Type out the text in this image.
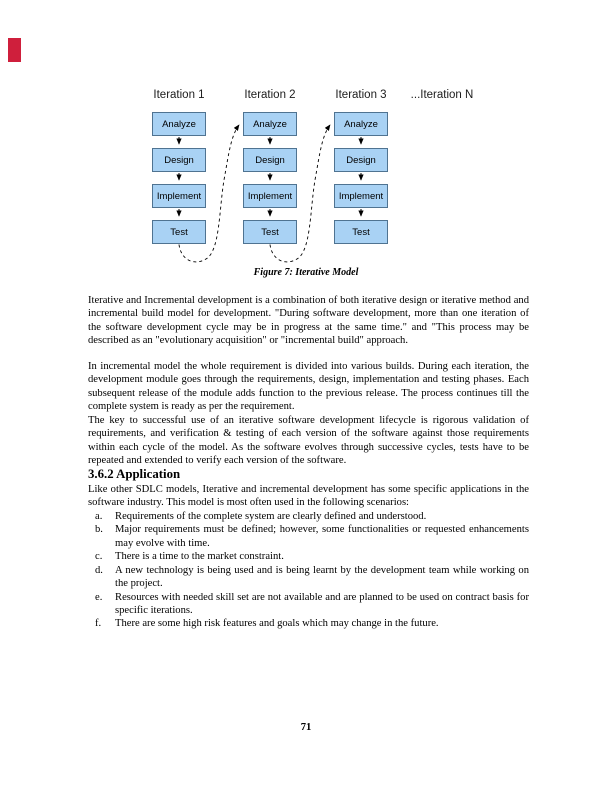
Iteration 1	Iteration 2	Iteration 3 ...Iteration N
Analyze
Design
Implement
Test
Analyze
Design
Implement
Test
Analyze
Design
Implement
Test
Figure 7: Iterative Model

Iterative and Incremental development is a combination of both iterative design or iterative method and incremental build model for development. "During software development, more than one iteration of the software development cycle may be in progress at the same time." and "This process may be described as an "evolutionary acquisition" or "incremental build" approach.

In incremental model the whole requirement is divided into various builds. During each iteration, the development module goes through the requirements, design, implementation and testing phases. Each subsequent release of the module adds function to the previous release. The process continues till the complete system is ready as per the requirement.

The key to successful use of an iterative software development lifecycle is rigorous validation of requirements, and verification & testing of each version of the software against those requirements within each cycle of the model. As the software evolves through successive cycles, tests have to be repeated and extended to verify each version of the software.

3.6.2 Application

Like other SDLC models, Iterative and incremental development has some specific applications in the software industry. This model is most often used in the following scenarios:

a.	Requirements of the complete system are clearly defined and understood.
b.	Major requirements must be defined; however, some functionalities or requested enhancements may evolve with time.
c.	There is a time to the market constraint.
d.	A new technology is being used and is being learnt by the development team while working on the project.
e.	Resources with needed skill set are not available and are planned to be used on contract basis for specific iterations.
f.	There are some high risk features and goals which may change in the future.
71
